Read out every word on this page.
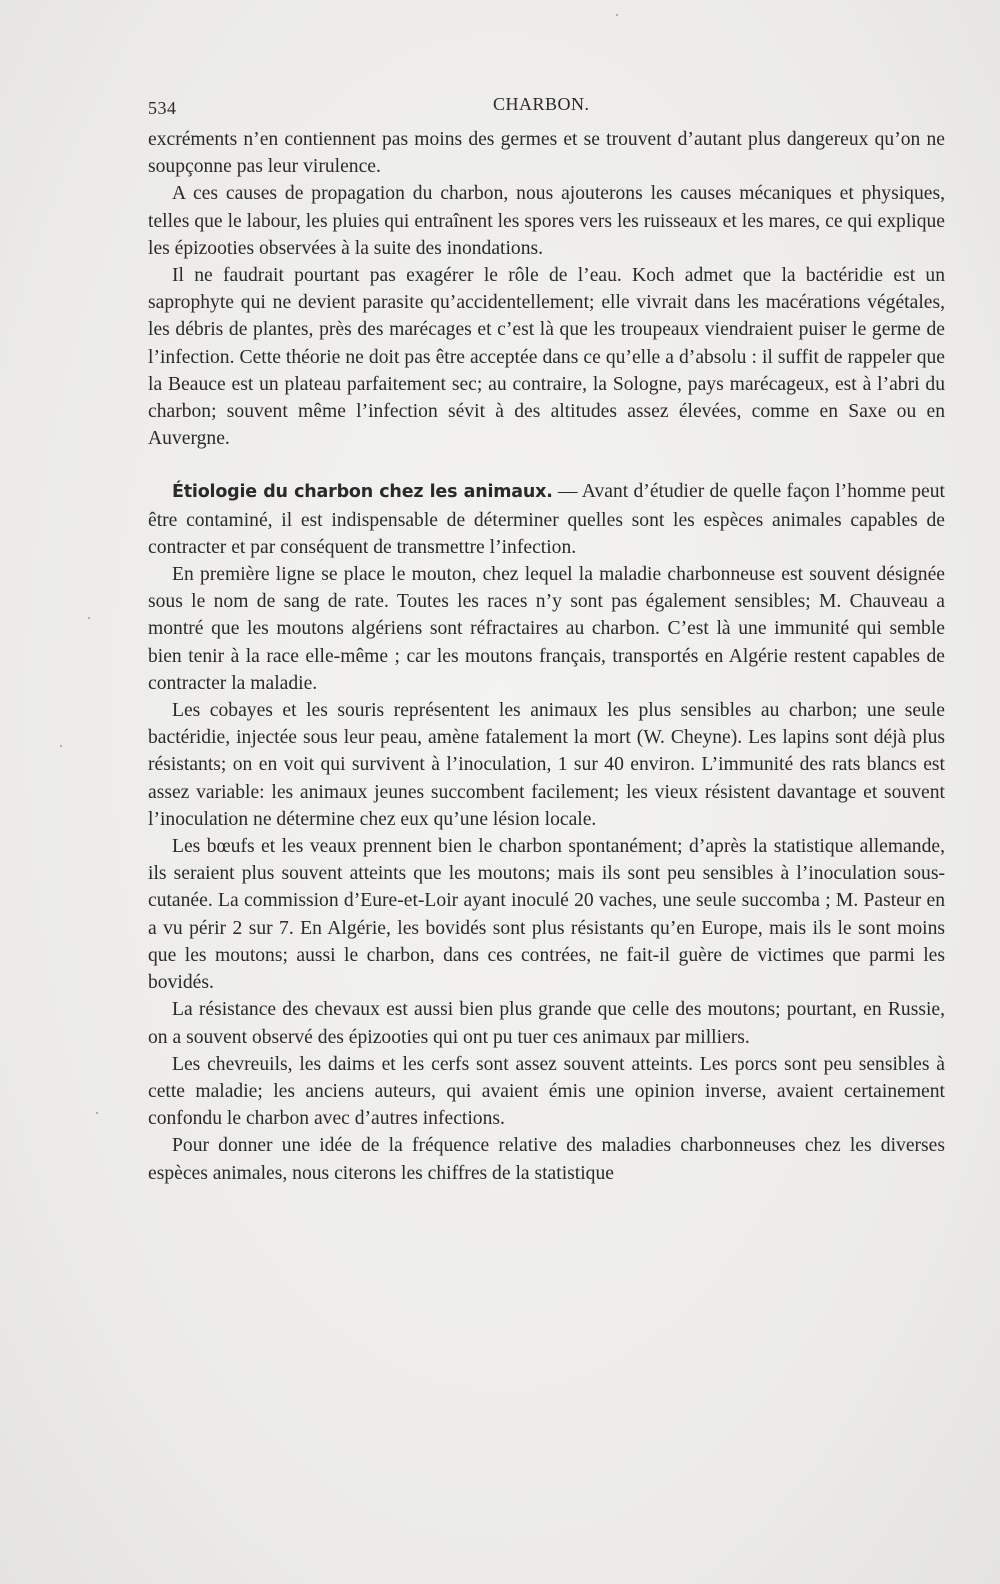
534	CHARBON.

excréments n’en contiennent pas moins des germes et se trouvent d’autant plus dangereux qu’on ne soupçonne pas leur virulence.

A ces causes de propagation du charbon, nous ajouterons les causes mécaniques et physiques, telles que le labour, les pluies qui entraînent les spores vers les ruisseaux et les mares, ce qui explique les épizooties observées à la suite des inondations.

Il ne faudrait pourtant pas exagérer le rôle de l’eau. Koch admet que la bactéridie est un saprophyte qui ne devient parasite qu’accidentellement; elle vivrait dans les macérations végétales, les débris de plantes, près des marécages et c’est là que les troupeaux viendraient puiser le germe de l’infection. Cette théorie ne doit pas être acceptée dans ce qu’elle a d’absolu : il suffit de rappeler que la Beauce est un plateau parfaitement sec; au contraire, la Sologne, pays marécageux, est à l’abri du charbon; souvent même l’infection sévit à des altitudes assez élevées, comme en Saxe ou en Auvergne.

Étiologie du charbon chez les animaux. — Avant d’étudier de quelle façon l’homme peut être contaminé, il est indispensable de déterminer quelles sont les espèces animales capables de contracter et par conséquent de transmettre l’infection.

En première ligne se place le mouton, chez lequel la maladie charbonneuse est souvent désignée sous le nom de sang de rate. Toutes les races n’y sont pas également sensibles; M. Chauveau a montré que les moutons algériens sont réfractaires au charbon. C’est là une immunité qui semble bien tenir à la race elle-même ; car les moutons français, transportés en Algérie restent capables de contracter la maladie.

Les cobayes et les souris représentent les animaux les plus sensibles au charbon; une seule bactéridie, injectée sous leur peau, amène fatalement la mort (W. Cheyne). Les lapins sont déjà plus résistants; on en voit qui survivent à l’inoculation, 1 sur 40 environ. L’immunité des rats blancs est assez variable: les animaux jeunes succombent facilement; les vieux résistent davantage et souvent l’inoculation ne détermine chez eux qu’une lésion locale.

Les bœufs et les veaux prennent bien le charbon spontanément; d’après la statistique allemande, ils seraient plus souvent atteints que les moutons; mais ils sont peu sensibles à l’inoculation sous-cutanée. La commission d’Eure-et-Loir ayant inoculé 20 vaches, une seule succomba ; M. Pasteur en a vu périr 2 sur 7. En Algérie, les bovidés sont plus résistants qu’en Europe, mais ils le sont moins que les moutons; aussi le charbon, dans ces contrées, ne fait-il guère de victimes que parmi les bovidés.

La résistance des chevaux est aussi bien plus grande que celle des moutons; pourtant, en Russie, on a souvent observé des épizooties qui ont pu tuer ces animaux par milliers.

Les chevreuils, les daims et les cerfs sont assez souvent atteints. Les porcs sont peu sensibles à cette maladie; les anciens auteurs, qui avaient émis une opinion inverse, avaient certainement confondu le charbon avec d’autres infections.

Pour donner une idée de la fréquence relative des maladies charbonneuses chez les diverses espèces animales, nous citerons les chiffres de la statistique
